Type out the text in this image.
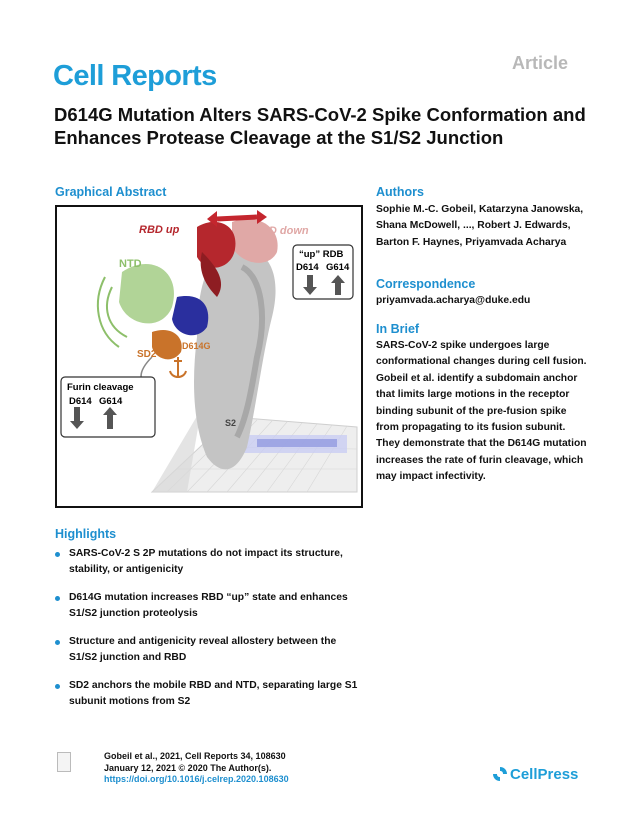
Article
Cell Reports
D614G Mutation Alters SARS-CoV-2 Spike Conformation and Enhances Protease Cleavage at the S1/S2 Junction
Graphical Abstract
RBD up	RBD down
NTD
SD2
D614G
S2
“up” RDB
D614 G614
Furin cleavage
D614 G614
Authors
Sophie M.-C. Gobeil, Katarzyna Janowska, Shana McDowell, ..., Robert J. Edwards, Barton F. Haynes, Priyamvada Acharya
Correspondence
priyamvada.acharya@duke.edu
In Brief
SARS-CoV-2 spike undergoes large conformational changes during cell fusion. Gobeil et al. identify a subdomain anchor that limits large motions in the receptor binding subunit of the pre-fusion spike from propagating to its fusion subunit. They demonstrate that the D614G mutation increases the rate of furin cleavage, which may impact infectivity.
Highlights
SARS-CoV-2 S 2P mutations do not impact its structure, stability, or antigenicity
D614G mutation increases RBD “up” state and enhances S1/S2 junction proteolysis
Structure and antigenicity reveal allostery between the S1/S2 junction and RBD
SD2 anchors the mobile RBD and NTD, separating large S1 subunit motions from S2
Gobeil et al., 2021, Cell Reports 34, 108630
January 12, 2021 © 2020 The Author(s).
https://doi.org/10.1016/j.celrep.2020.108630	CellPress
